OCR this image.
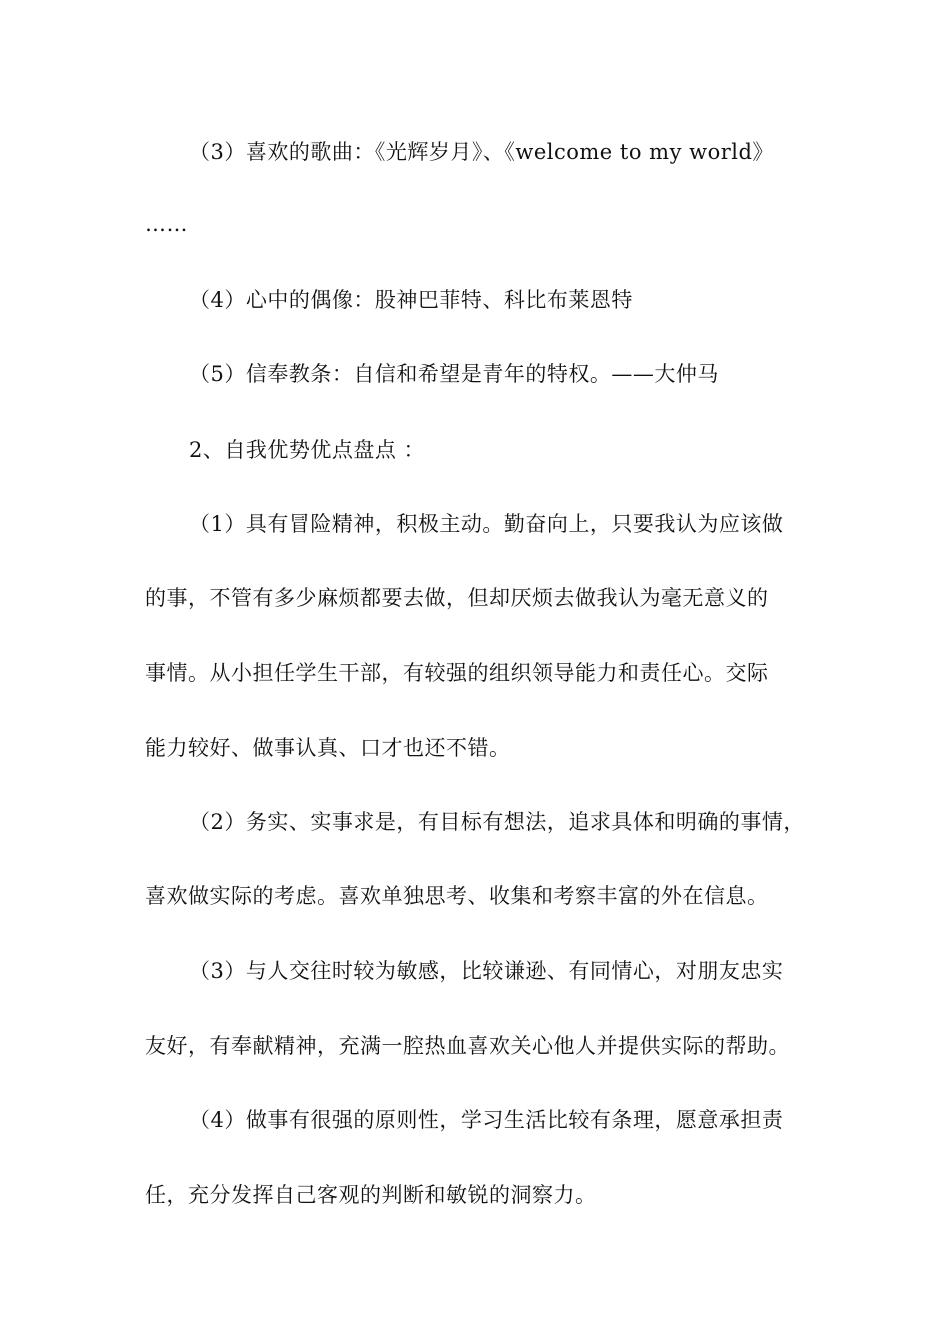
（3）喜欢的歌曲：《光辉岁月》、《welcome to my world》
……
（4）心中的偶像：股神巴菲特、科比布莱恩特
（5）信奉教条：自信和希望是青年的特权。——大仲马
2、自我优势优点盘点 ：
（1）具有冒险精神，积极主动。勤奋向上，只要我认为应该做
的事，不管有多少麻烦都要去做，但却厌烦去做我认为毫无意义的
事情。从小担任学生干部，有较强的组织领导能力和责任心。交际
能力较好、做事认真、口才也还不错。
（2）务实、实事求是，有目标有想法，追求具体和明确的事情，
喜欢做实际的考虑。喜欢单独思考、收集和考察丰富的外在信息。
（3）与人交往时较为敏感，比较谦逊、有同情心，对朋友忠实
友好，有奉献精神，充满一腔热血喜欢关心他人并提供实际的帮助。
（4）做事有很强的原则性，学习生活比较有条理，愿意承担责
任，充分发挥自己客观的判断和敏锐的洞察力。
